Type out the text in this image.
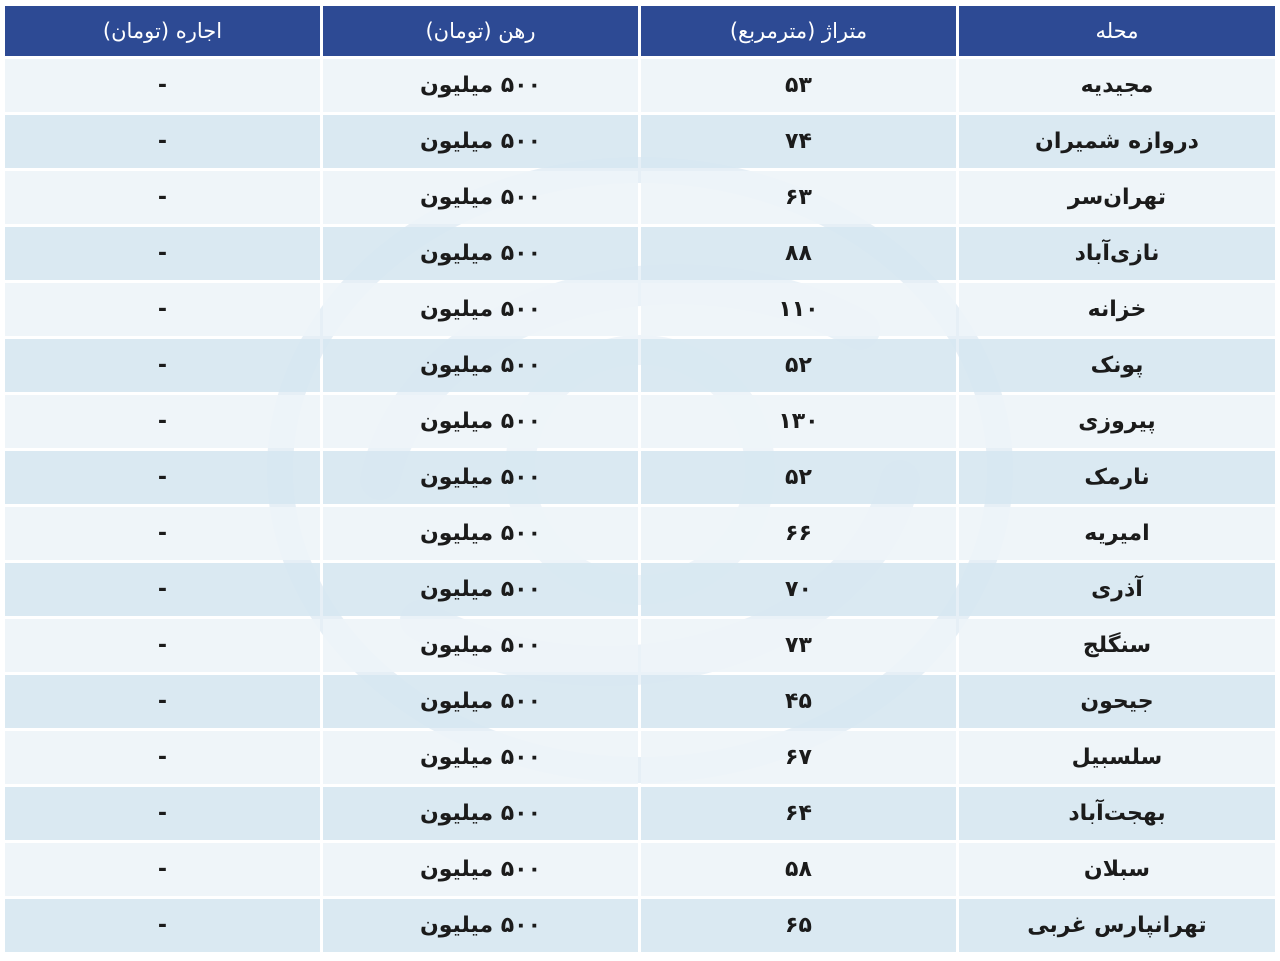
محله	متراژ (مترمربع)	رهن (تومان)	اجاره (تومان)
مجیدیه	۵۳	۵۰۰ میلیون	-
دروازه شمیران	۷۴	۵۰۰ میلیون	-
تهران‌سر	۶۳	۵۰۰ میلیون	-
نازی‌آباد	۸۸	۵۰۰ میلیون	-
خزانه	۱۱۰	۵۰۰ میلیون	-
پونک	۵۲	۵۰۰ میلیون	-
پیروزی	۱۳۰	۵۰۰ میلیون	-
نارمک	۵۲	۵۰۰ میلیون	-
امیریه	۶۶	۵۰۰ میلیون	-
آذری	۷۰	۵۰۰ میلیون	-
سنگلج	۷۳	۵۰۰ میلیون	-
جیحون	۴۵	۵۰۰ میلیون	-
سلسبیل	۶۷	۵۰۰ میلیون	-
بهجت‌آباد	۶۴	۵۰۰ میلیون	-
سبلان	۵۸	۵۰۰ میلیون	-
تهرانپارس غربی	۶۵	۵۰۰ میلیون	-
